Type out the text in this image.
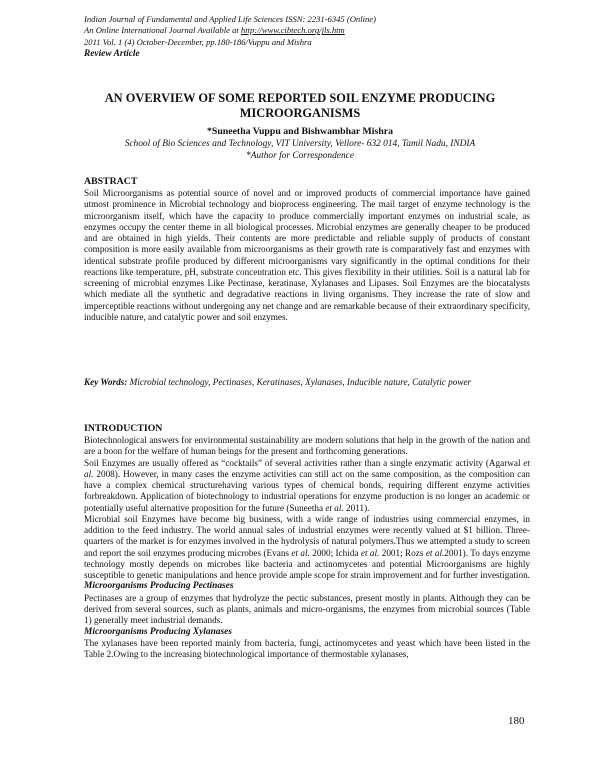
Indian Journal of Fundamental and Applied Life Sciences ISSN: 2231-6345 (Online)
An Online International Journal Available at http://www.cibtech.org/jls.htm
2011 Vol. 1 (4) October-December, pp.180-186/Vuppu and Mishra
Review Article
AN OVERVIEW OF SOME REPORTED SOIL ENZYME PRODUCING MICROORGANISMS
*Suneetha Vuppu and Bishwambhar Mishra
School of Bio Sciences and Technology, VIT University, Vellore- 632 014, Tamil Nadu, INDIA
*Author for Correspondence
ABSTRACT

Soil Microorganisms as potential source of novel and or improved products of commercial importance have gained utmost prominence in Microbial technology and bioprocess engineering. The mail target of enzyme technology is the microorganism itself, which have the capacity to produce commercially important enzymes on industrial scale, as enzymes occupy the center theme in all biological processes. Microbial enzymes are generally cheaper to be produced and are obtained in high yields. Their contents are more predictable and reliable supply of products of constant composition is more easily available from microorganisms as their growth rate is comparatively fast and enzymes with identical substrate profile produced by different microorganisms vary significantly in the optimal conditions for their reactions like temperature, pH, substrate concentration etc. This gives flexibility in their utilities. Soil is a natural lab for screening of microbial enzymes Like Pectinase, keratinase, Xylanases and Lipases. Soil Enzymes are the biocatalysts which mediate all the synthetic and degradative reactions in living organisms. They increase the rate of slow and imperceptible reactions without undergoing any net change and are remarkable because of their extraordinary specificity, inducible nature, and catalytic power and soil enzymes.

Key Words: Microbial technology, Pectinases, Keratinases, Xylanases, Inducible nature, Catalytic power
INTRODUCTION

Biotechnological answers for environmental sustainability are modern solutions that help in the growth of the nation and are a boon for the welfare of human beings for the present and forthcoming generations.

Soil Enzymes are usually offered as “cocktails” of several activities rather than a single enzymatic activity (Agarwal et al. 2008). However, in many cases the enzyme activities can still act on the same composition, as the composition can have a complex chemical structurehaving various types of chemical bonds, requiring different enzyme activities forbreakdown. Application of biotechnology to industrial operations for enzyme production is no longer an academic or potentially useful alternative proposition for the future (Suneetha et al. 2011).

Microbial soil Enzymes have become big business, with a wide range of industries using commercial enzymes, in addition to the feed industry. The world annual sales of industrial enzymes were recently valued at $1 billion. Three-quarters of the market is for enzymes involved in the hydrolysis of natural polymers.Thus we attempted a study to screen and report the soil enzymes producing microbes (Evans et al. 2000; Ichida et al. 2001; Rozs et al.2001). To days enzyme technology mostly depends on microbes like bacteria and actinomycetes and potential Microorganisms are highly susceptible to genetic manipulations and hence provide ample scope for strain improvement and for further investigation.

Microorganisms Producing Pectinases

Pectinases are a group of enzymes that hydrolyze the pectic substances, present mostly in plants. Although they can be derived from several sources, such as plants, animals and micro-organisms, the enzymes from microbial sources (Table 1) generally meet industrial demands.

Microorganisms Producing Xylanases

The xylanases have been reported mainly from bacteria, fungi, actinomycetes and yeast which have been listed in the Table 2.Owing to the increasing biotechnological importance of thermostable xylanases,

180
